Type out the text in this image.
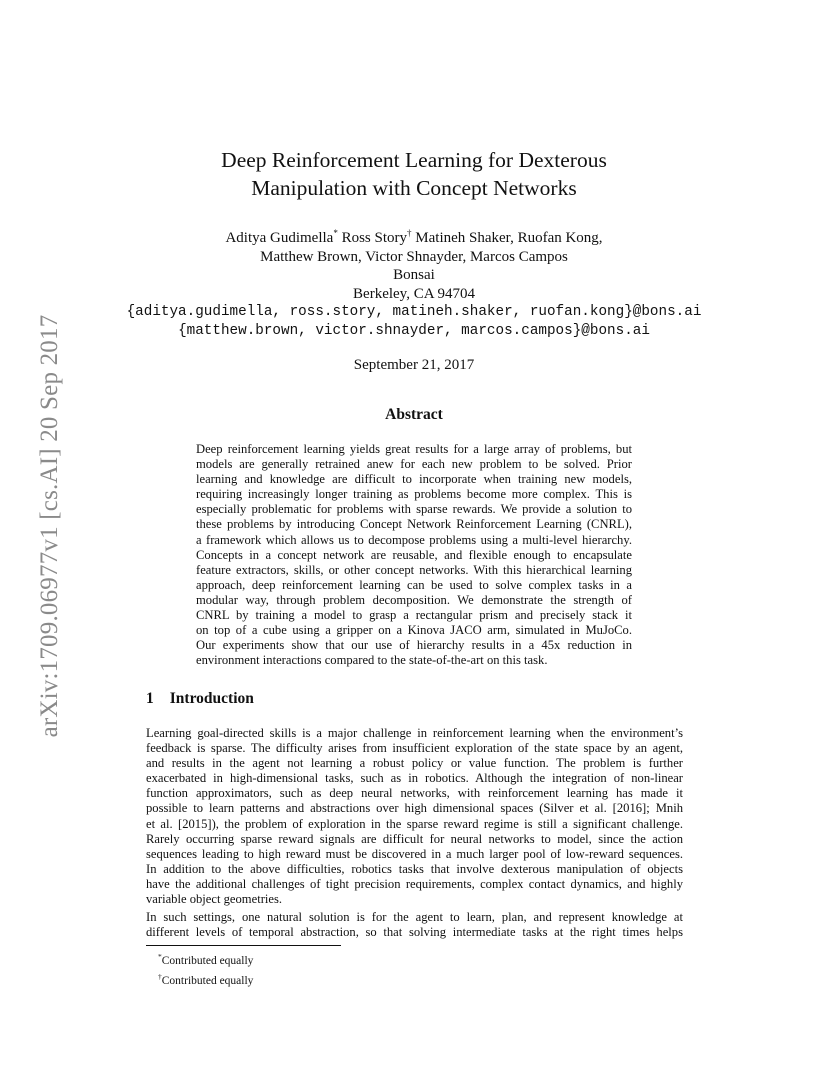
arXiv:1709.06977v1 [cs.AI] 20 Sep 2017
Deep Reinforcement Learning for Dexterous
Manipulation with Concept Networks
Aditya Gudimella* Ross Story† Matineh Shaker, Ruofan Kong,
Matthew Brown, Victor Shnayder, Marcos Campos
Bonsai
Berkeley, CA 94704
{aditya.gudimella, ross.story, matineh.shaker, ruofan.kong}@bons.ai
{matthew.brown, victor.shnayder, marcos.campos}@bons.ai
September 21, 2017
Abstract
Deep reinforcement learning yields great results for a large array of problems, but
models are generally retrained anew for each new problem to be solved. Prior
learning and knowledge are difficult to incorporate when training new models,
requiring increasingly longer training as problems become more complex. This is
especially problematic for problems with sparse rewards. We provide a solution to
these problems by introducing Concept Network Reinforcement Learning (CNRL),
a framework which allows us to decompose problems using a multi-level hierarchy.
Concepts in a concept network are reusable, and flexible enough to encapsulate
feature extractors, skills, or other concept networks. With this hierarchical learning
approach, deep reinforcement learning can be used to solve complex tasks in a
modular way, through problem decomposition. We demonstrate the strength of
CNRL by training a model to grasp a rectangular prism and precisely stack it
on top of a cube using a gripper on a Kinova JACO arm, simulated in MuJoCo.
Our experiments show that our use of hierarchy results in a 45x reduction in
environment interactions compared to the state-of-the-art on this task.
1 Introduction
Learning goal-directed skills is a major challenge in reinforcement learning when the environment’s
feedback is sparse. The difficulty arises from insufficient exploration of the state space by an agent,
and results in the agent not learning a robust policy or value function. The problem is further
exacerbated in high-dimensional tasks, such as in robotics. Although the integration of non-linear
function approximators, such as deep neural networks, with reinforcement learning has made it
possible to learn patterns and abstractions over high dimensional spaces (Silver et al. [2016]; Mnih
et al. [2015]), the problem of exploration in the sparse reward regime is still a significant challenge.
Rarely occurring sparse reward signals are difficult for neural networks to model, since the action
sequences leading to high reward must be discovered in a much larger pool of low-reward sequences.
In addition to the above difficulties, robotics tasks that involve dexterous manipulation of objects
have the additional challenges of tight precision requirements, complex contact dynamics, and highly
variable object geometries.
In such settings, one natural solution is for the agent to learn, plan, and represent knowledge at
different levels of temporal abstraction, so that solving intermediate tasks at the right times helps
*Contributed equally
†Contributed equally
